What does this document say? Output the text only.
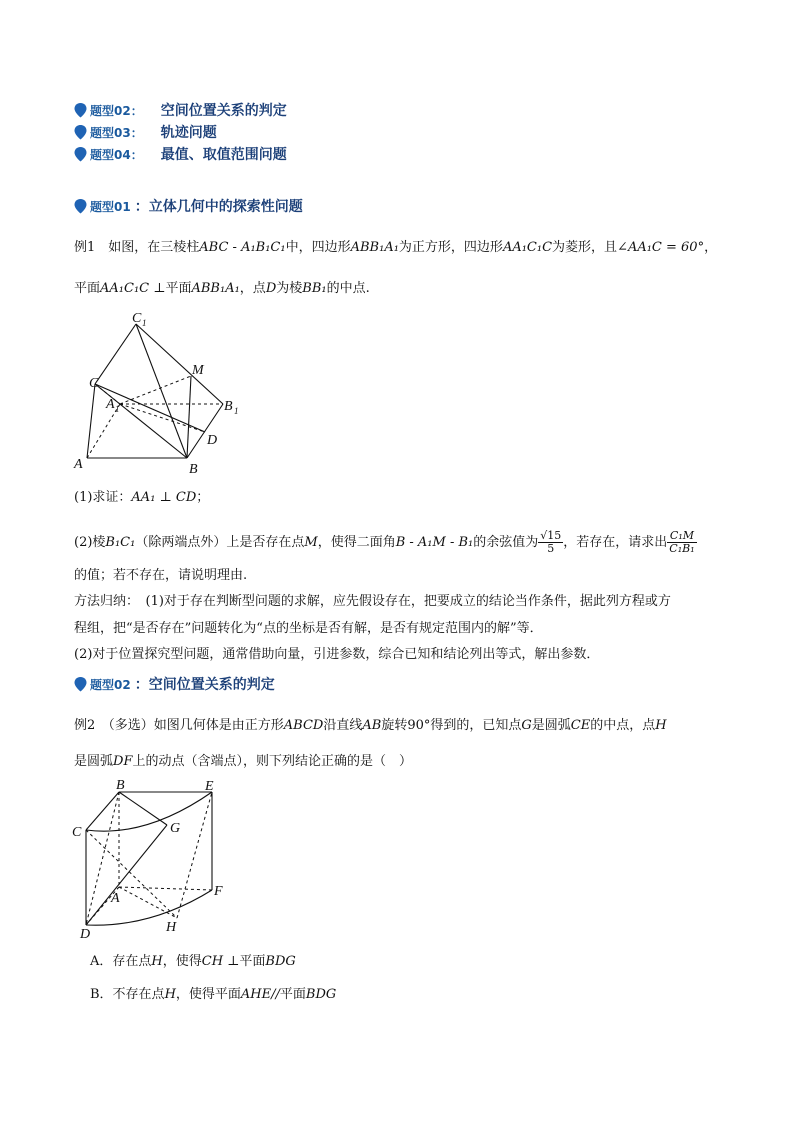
题型02： 空间位置关系的判定
题型03： 轨迹问题
题型04： 最值、取值范围问题
题型01 ：立体几何中的探索性问题
例1　如图，在三棱柱ABC - A₁B₁C₁中，四边形ABB₁A₁为正方形，四边形AA₁C₁C为菱形，且∠AA₁C = 60°，
平面AA₁C₁C ⊥平面ABB₁A₁，点D为棱BB₁的中点.
C 1
M
C
A 1	B 1
D
A	B
(1)求证：AA₁ ⊥ CD；
(2)棱B₁C₁（除两端点外）上是否存在点M，使得二面角B - A₁M - B₁的余弦值为 $\frac{√15}{5}$ ，若存在，请求出 $\frac{\text{C₁M}}{\text{C₁B₁}}$
的值；若不存在，请说明理由.
方法归纳：　(1)对于存在判断型问题的求解，应先假设存在，把要成立的结论当作条件，据此列方程或方
程组，把“是否存在”问题转化为“点的坐标是否有解，是否有规定范围内的解”等．
(2)对于位置探究型问题，通常借助向量，引进参数，综合已知和结论列出等式，解出参数．
题型02 ：空间位置关系的判定
例2　（多选）如图几何体是由正方形ABCD沿直线AB旋转90°得到的，已知点G是圆弧CE的中点，点H
是圆弧DF上的动点（含端点），则下列结论正确的是（　）
B	E
C	G
F
A
H
D
A．存在点H，使得CH ⊥平面BDG
B．不存在点H，使得平面AHE//平面BDG
